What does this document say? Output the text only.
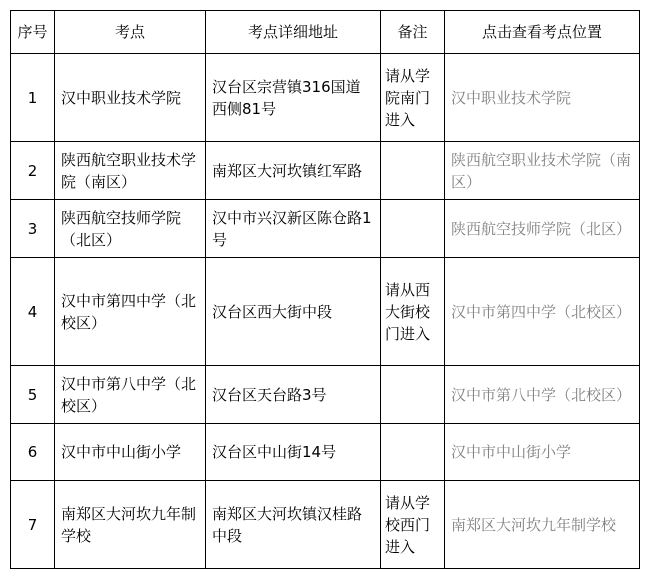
序号	考点	考点详细地址	备注	点击查看考点位置
1	汉中职业技术学院	汉台区宗营镇316国道西侧81号	请从学院南门进入	汉中职业技术学院
2	陕西航空职业技术学院（南区）	南郑区大河坎镇红军路		陕西航空职业技术学院（南区）
3	陕西航空技师学院（北区）	汉中市兴汉新区陈仓路1号		陕西航空技师学院（北区）
4	汉中市第四中学（北校区）	汉台区西大街中段	请从西大街校门进入	汉中市第四中学（北校区）
5	汉中市第八中学（北校区）	汉台区天台路3号		汉中市第八中学（北校区）
6	汉中市中山街小学	汉台区中山街14号		汉中市中山街小学
7	南郑区大河坎九年制学校	南郑区大河坎镇汉桂路中段	请从学校西门进入	南郑区大河坎九年制学校
